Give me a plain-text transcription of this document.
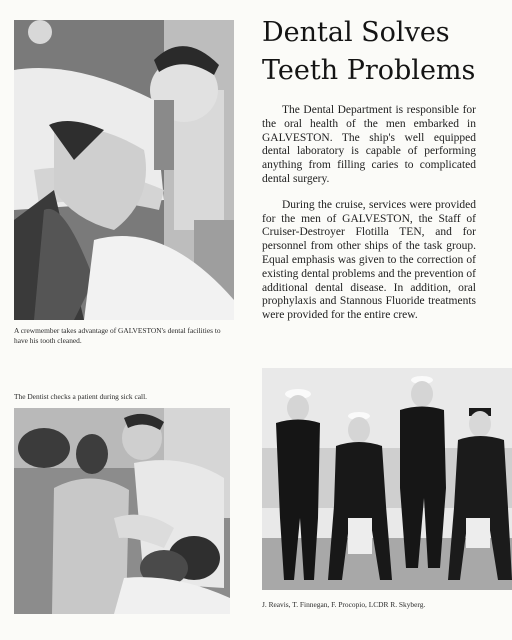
Dental Solves
Teeth Problems

The Dental Department is responsible for the oral health of the men embarked in GALVESTON. The ship's well equipped dental laboratory is capable of performing anything from filling caries to complicated dental surgery.

During the cruise, services were provided for the men of GALVESTON, the Staff of Cruiser-Destroyer Flotilla TEN, and for personnel from other ships of the task group. Equal emphasis was given to the correction of existing dental problems and the prevention of additional dental disease. In addition, oral prophylaxis and Stannous Fluoride treatments were provided for the entire crew.

A crewmember takes advantage of GALVESTON's dental facilities to have his tooth cleaned.
The Dentist checks a patient during sick call.
J. Reavis, T. Finnegan, F. Procopio, LCDR R. Skyberg.
